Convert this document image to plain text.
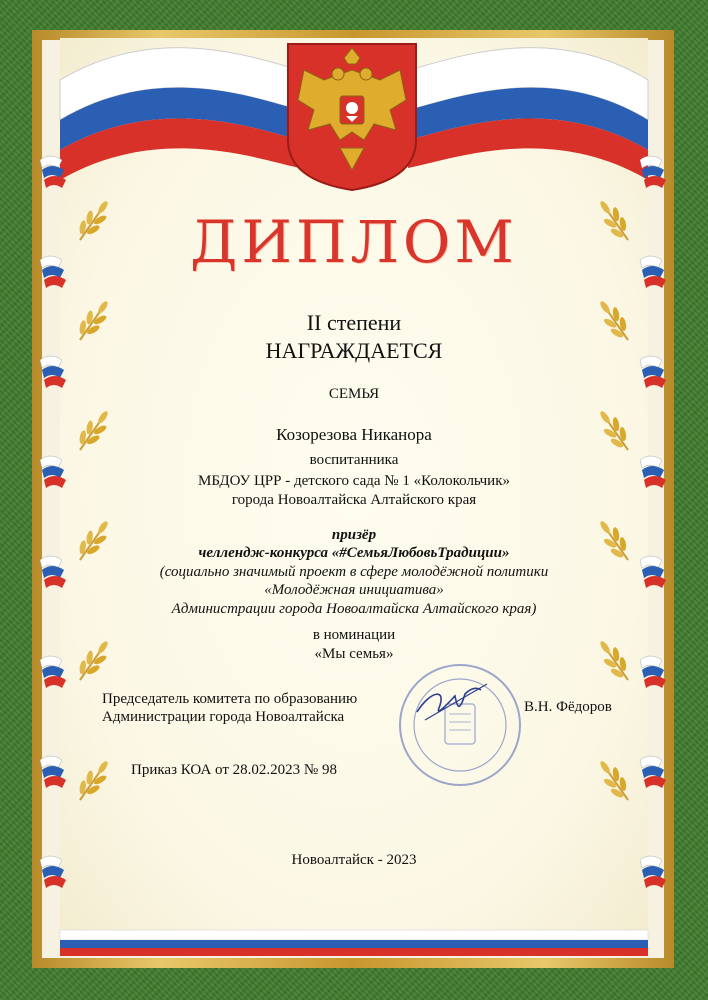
ДИПЛОМ
II степени
НАГРАЖДАЕТСЯ
СЕМЬЯ
Козорезова Никанора
воспитанника
МБДОУ ЦРР - детского сада № 1 «Колокольчик»
города Новоалтайска Алтайского края
призёр
челлендж-конкурса «#СемьяЛюбовьТрадиции»
(социально значимый проект в сфере молодёжной политики
«Молодёжная инициатива»
Администрации города Новоалтайска Алтайского края)
в номинации
«Мы семья»
Председатель комитета по образованию
Администрации города Новоалтайска
В.Н. Фёдоров
Приказ КОА от 28.02.2023 № 98
Новоалтайск - 2023
